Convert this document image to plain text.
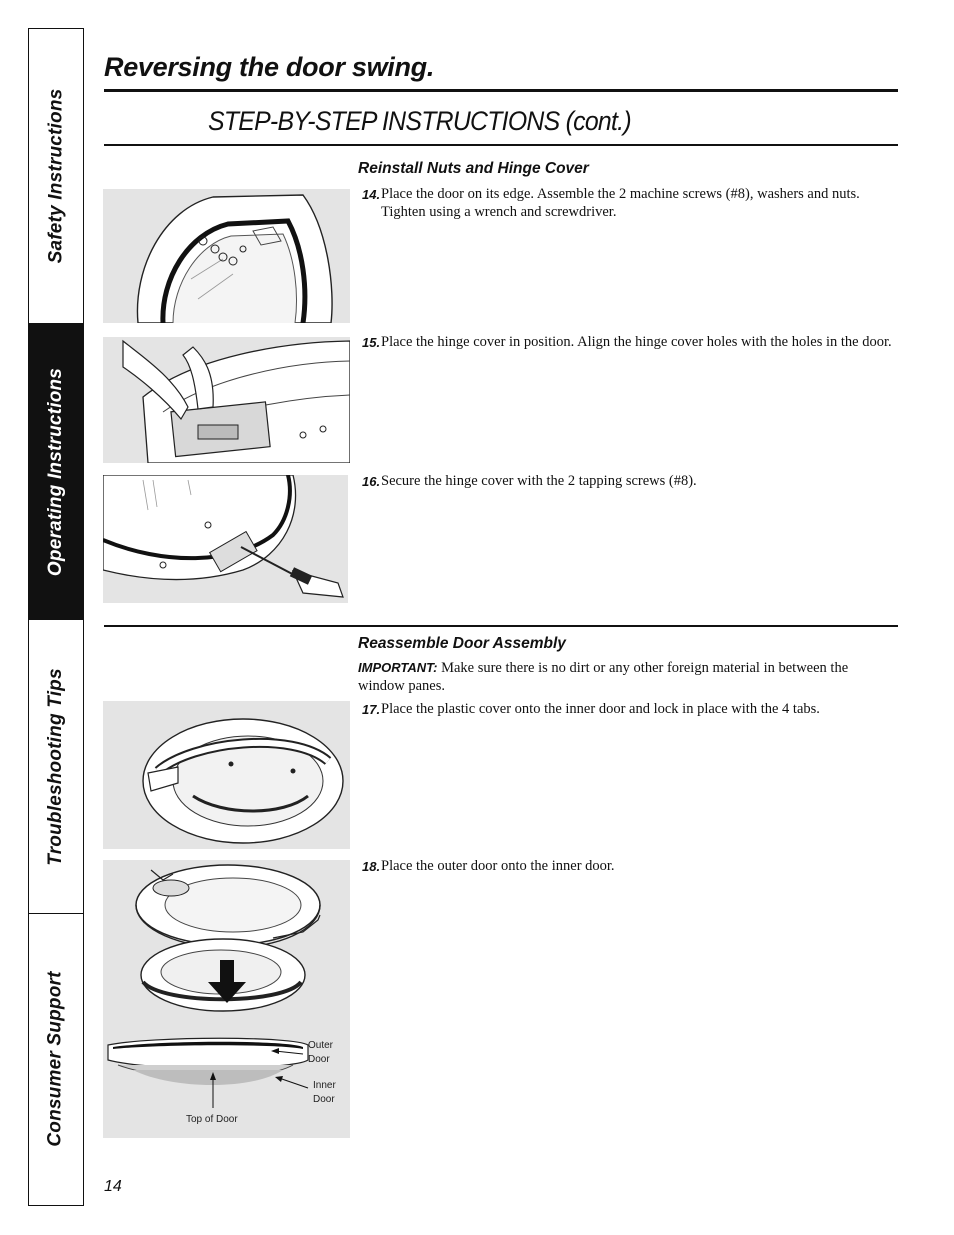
Safety Instructions
Operating Instructions
Troubleshooting Tips
Consumer Support
Reversing the door swing.
STEP-BY-STEP INSTRUCTIONS (cont.)
Reinstall Nuts and Hinge Cover
14. Place the door on its edge. Assemble the 2 machine screws (#8), washers and nuts. Tighten using a wrench and screwdriver.
15. Place the hinge cover in position. Align the hinge cover holes with the holes in the door.
16. Secure the hinge cover with the 2 tapping screws (#8).
Reassemble Door Assembly
IMPORTANT: Make sure there is no dirt or any other foreign material in between the window panes.
17. Place the plastic cover onto the inner door and lock in place with the 4 tabs.
18. Place the outer door onto the inner door.
Outer
Door
Inner
Door
Top of Door
14
